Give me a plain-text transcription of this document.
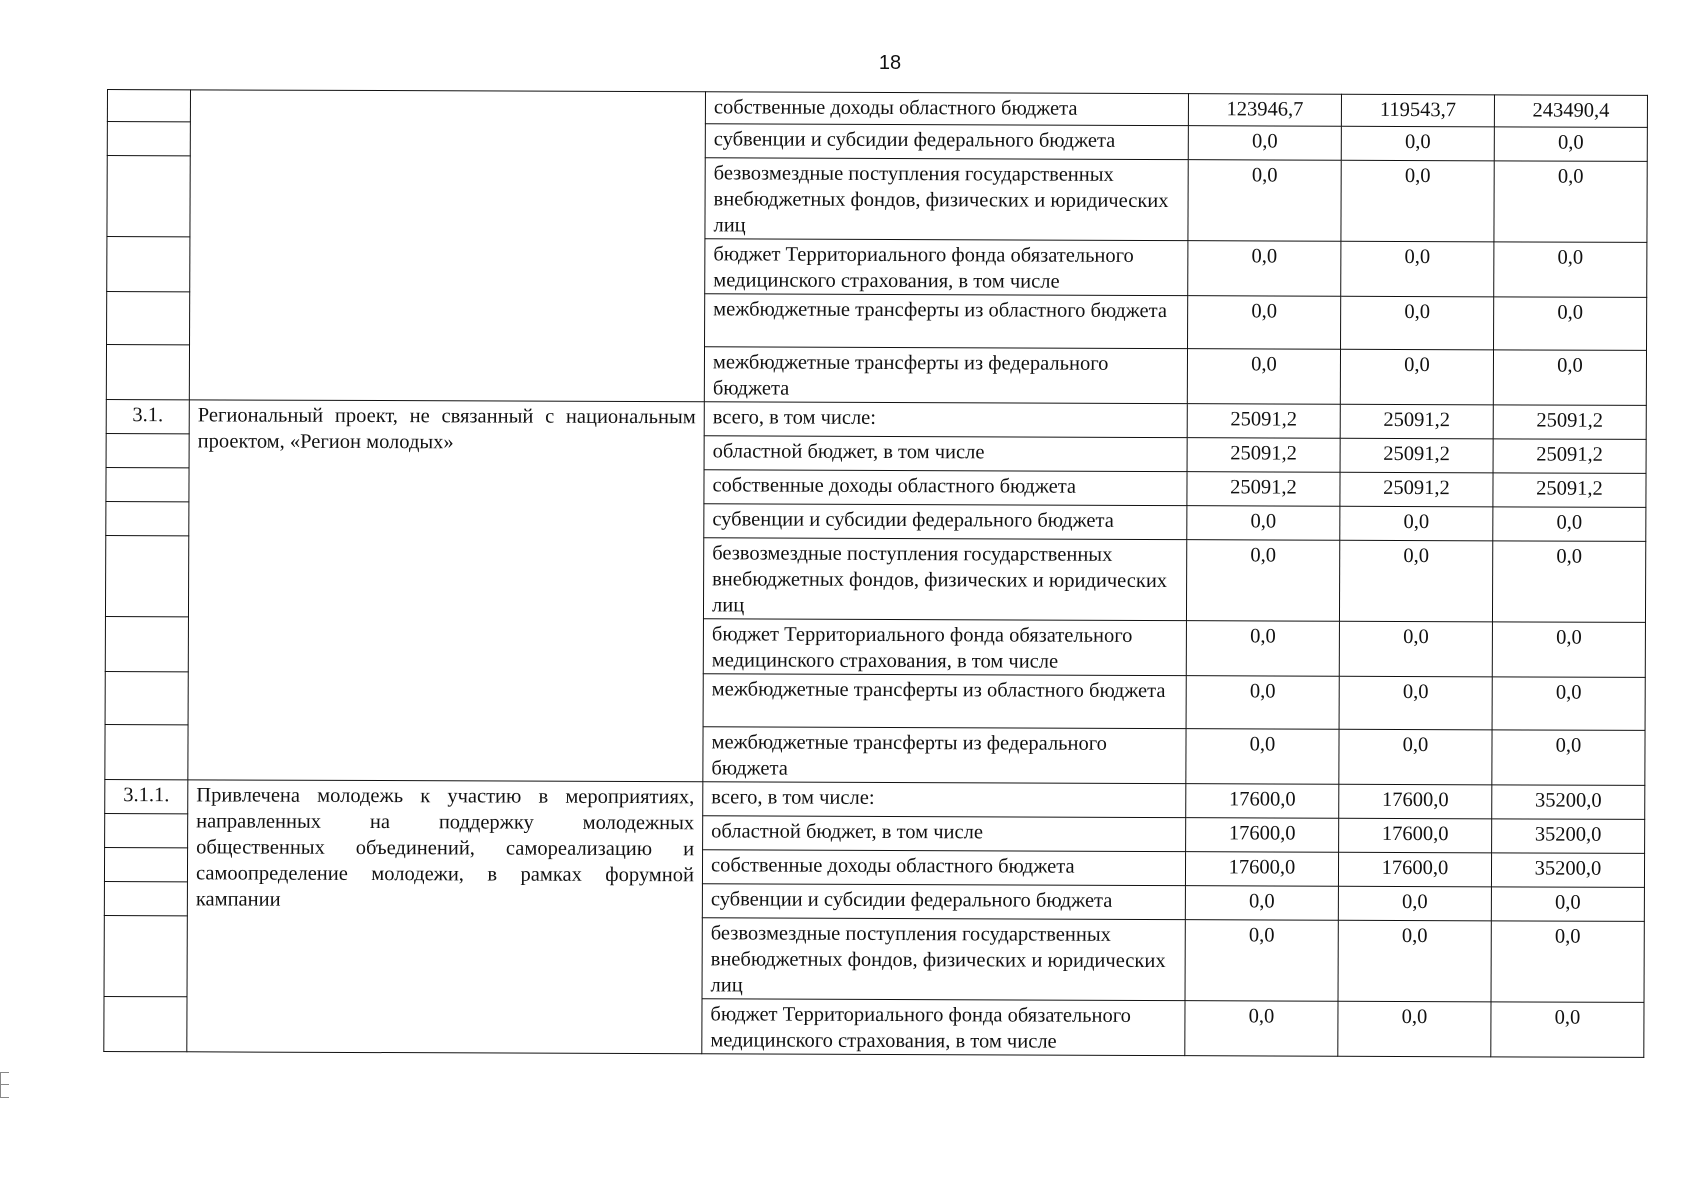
18
		собственные доходы областного бюджета	123946,7	119543,7	243490,4
		субвенции и субсидии федерального бюджета	0,0	0,0	0,0
		безвозмездные поступления государственных внебюджетных фондов, физических и юридических лиц	0,0	0,0	0,0
		бюджет Территориального фонда обязательного медицинского страхования, в том числе	0,0	0,0	0,0
		межбюджетные трансферты из областного бюджета	0,0	0,0	0,0
		межбюджетные трансферты из федерального бюджета	0,0	0,0	0,0
3.1.	Региональный проект, не связанный с национальным проектом, «Регион молодых»	всего, в том числе:	25091,2	25091,2	25091,2
		областной бюджет, в том числе	25091,2	25091,2	25091,2
		собственные доходы областного бюджета	25091,2	25091,2	25091,2
		субвенции и субсидии федерального бюджета	0,0	0,0	0,0
		безвозмездные поступления государственных внебюджетных фондов, физических и юридических лиц	0,0	0,0	0,0
		бюджет Территориального фонда обязательного медицинского страхования, в том числе	0,0	0,0	0,0
		межбюджетные трансферты из областного бюджета	0,0	0,0	0,0
		межбюджетные трансферты из федерального бюджета	0,0	0,0	0,0
3.1.1.	Привлечена молодежь к участию в мероприятиях, направленных на поддержку молодежных общественных объединений, самореализацию и самоопределение молодежи, в рамках форумной кампании	всего, в том числе:	17600,0	17600,0	35200,0
		областной бюджет, в том числе	17600,0	17600,0	35200,0
		собственные доходы областного бюджета	17600,0	17600,0	35200,0
		субвенции и субсидии федерального бюджета	0,0	0,0	0,0
		безвозмездные поступления государственных внебюджетных фондов, физических и юридических лиц	0,0	0,0	0,0
		бюджет Территориального фонда обязательного медицинского страхования, в том числе	0,0	0,0	0,0
